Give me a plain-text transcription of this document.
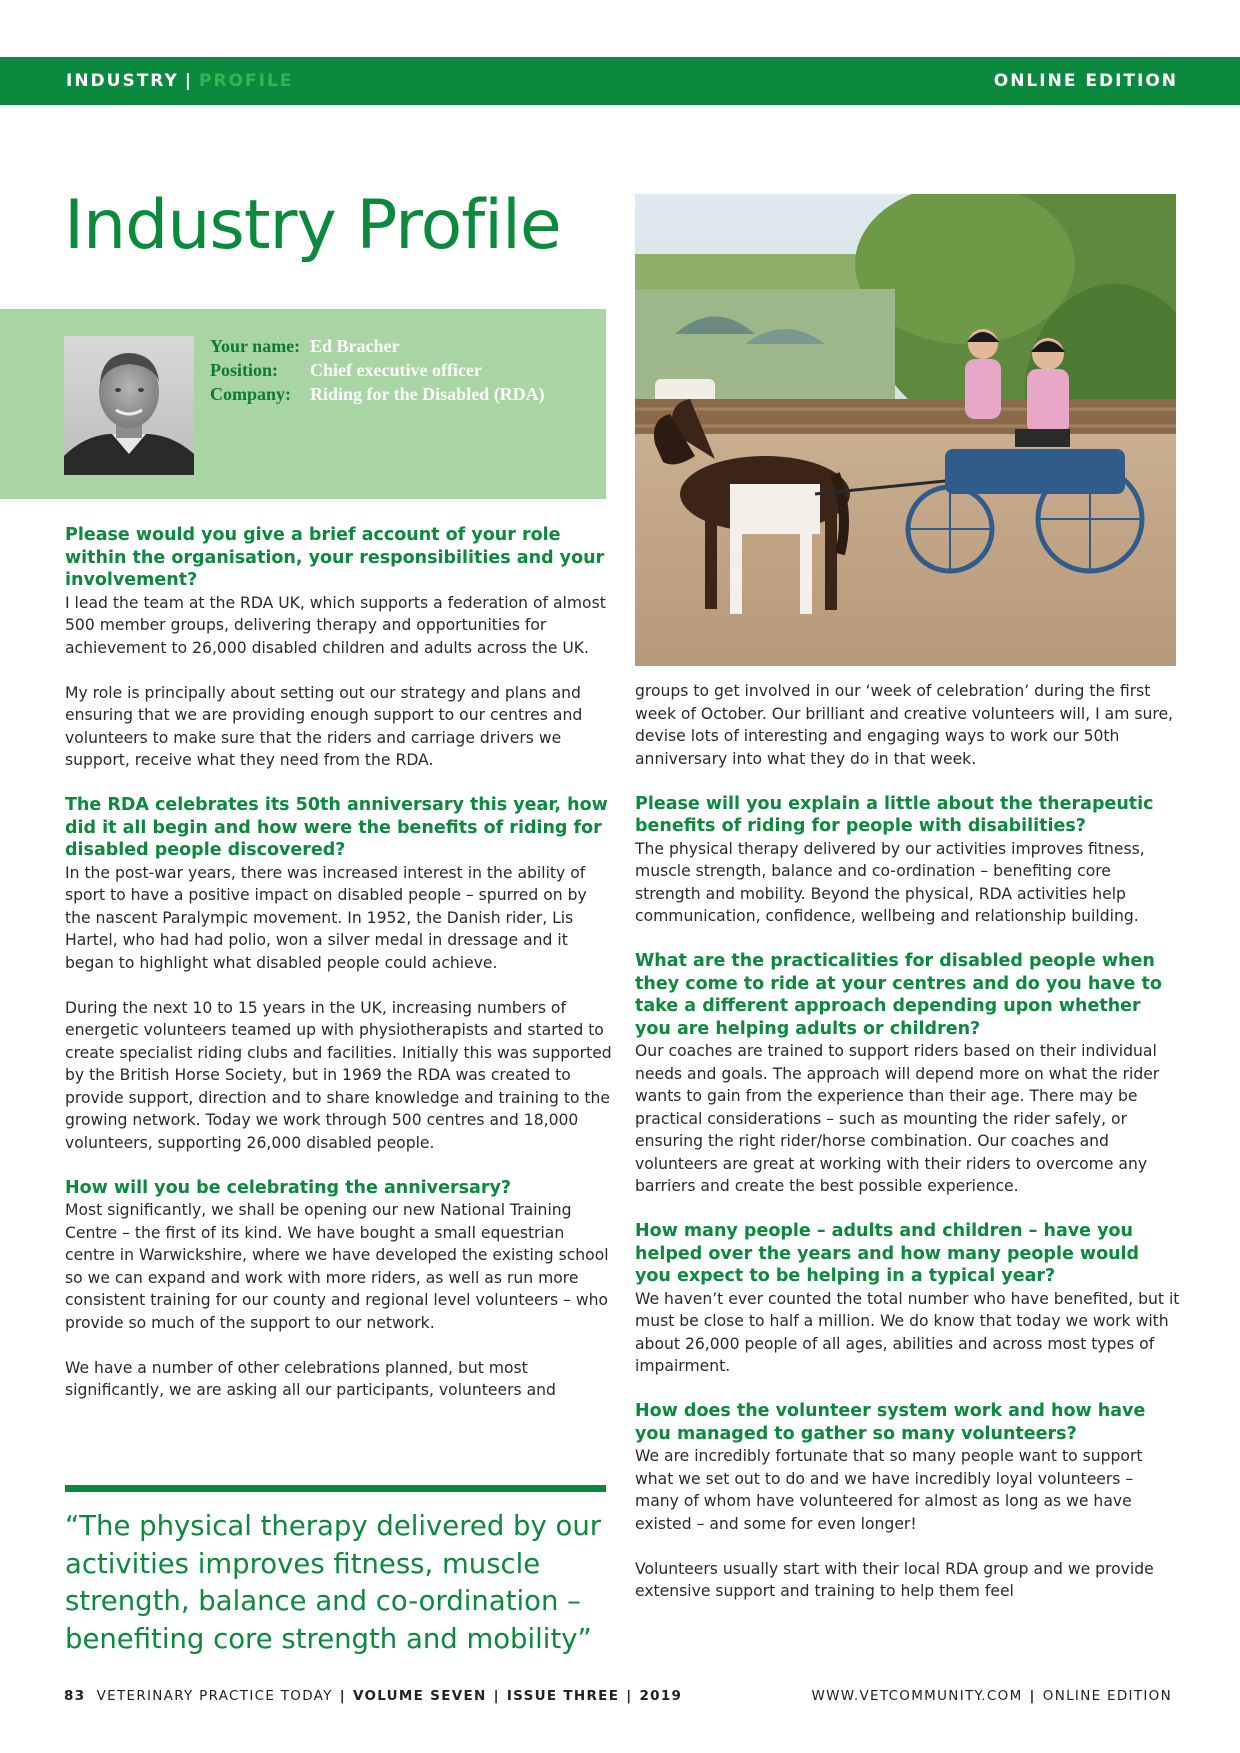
INDUSTRY | PROFILE	ONLINE EDITION
Industry Profile
Your name: Ed Bracher
Position:	Chief executive officer
Company:	Riding for the Disabled (RDA)
Please would you give a brief account of your role within the organisation, your responsibilities and your involvement?

I lead the team at the RDA UK, which supports a federation of almost 500 member groups, delivering therapy and opportunities for achievement to 26,000 disabled children and adults across the UK.

My role is principally about setting out our strategy and plans and ensuring that we are providing enough support to our centres and volunteers to make sure that the riders and carriage drivers we support, receive what they need from the RDA.

The RDA celebrates its 50th anniversary this year, how did it all begin and how were the benefits of riding for disabled people discovered?

In the post-war years, there was increased interest in the ability of sport to have a positive impact on disabled people – spurred on by the nascent Paralympic movement. In 1952, the Danish rider, Lis Hartel, who had had polio, won a silver medal in dressage and it began to highlight what disabled people could achieve.

During the next 10 to 15 years in the UK, increasing numbers of energetic volunteers teamed up with physiotherapists and started to create specialist riding clubs and facilities. Initially this was supported by the British Horse Society, but in 1969 the RDA was created to provide support, direction and to share knowledge and training to the growing network. Today we work through 500 centres and 18,000 volunteers, supporting 26,000 disabled people.

How will you be celebrating the anniversary?

Most significantly, we shall be opening our new National Training Centre – the first of its kind. We have bought a small equestrian centre in Warwickshire, where we have developed the existing school so we can expand and work with more riders, as well as run more consistent training for our county and regional level volunteers – who provide so much of the support to our network.

We have a number of other celebrations planned, but most significantly, we are asking all our participants, volunteers and

“The physical therapy delivered by our activities improves fitness, muscle strength, balance and co-ordination – benefiting core strength and mobility”

groups to get involved in our ‘week of celebration’ during the first week of October. Our brilliant and creative volunteers will, I am sure, devise lots of interesting and engaging ways to work our 50th anniversary into what they do in that week.

Please will you explain a little about the therapeutic benefits of riding for people with disabilities?

The physical therapy delivered by our activities improves fitness, muscle strength, balance and co-ordination – benefiting core strength and mobility. Beyond the physical, RDA activities help communication, confidence, wellbeing and relationship building.

What are the practicalities for disabled people when they come to ride at your centres and do you have to take a different approach depending upon whether you are helping adults or children?

Our coaches are trained to support riders based on their individual needs and goals. The approach will depend more on what the rider wants to gain from the experience than their age. There may be practical considerations – such as mounting the rider safely, or ensuring the right rider/horse combination. Our coaches and volunteers are great at working with their riders to overcome any barriers and create the best possible experience.

How many people – adults and children – have you helped over the years and how many people would you expect to be helping in a typical year?

We haven’t ever counted the total number who have benefited, but it must be close to half a million. We do know that today we work with about 26,000 people of all ages, abilities and across most types of impairment.

How does the volunteer system work and how have you managed to gather so many volunteers?

We are incredibly fortunate that so many people want to support what we set out to do and we have incredibly loyal volunteers – many of whom have volunteered for almost as long as we have existed – and some for even longer!

Volunteers usually start with their local RDA group and we provide extensive support and training to help them feel

83 VETERINARY PRACTICE TODAY | VOLUME SEVEN | ISSUE THREE | 2019	WWW.VETCOMMUNITY.COM | ONLINE EDITION
